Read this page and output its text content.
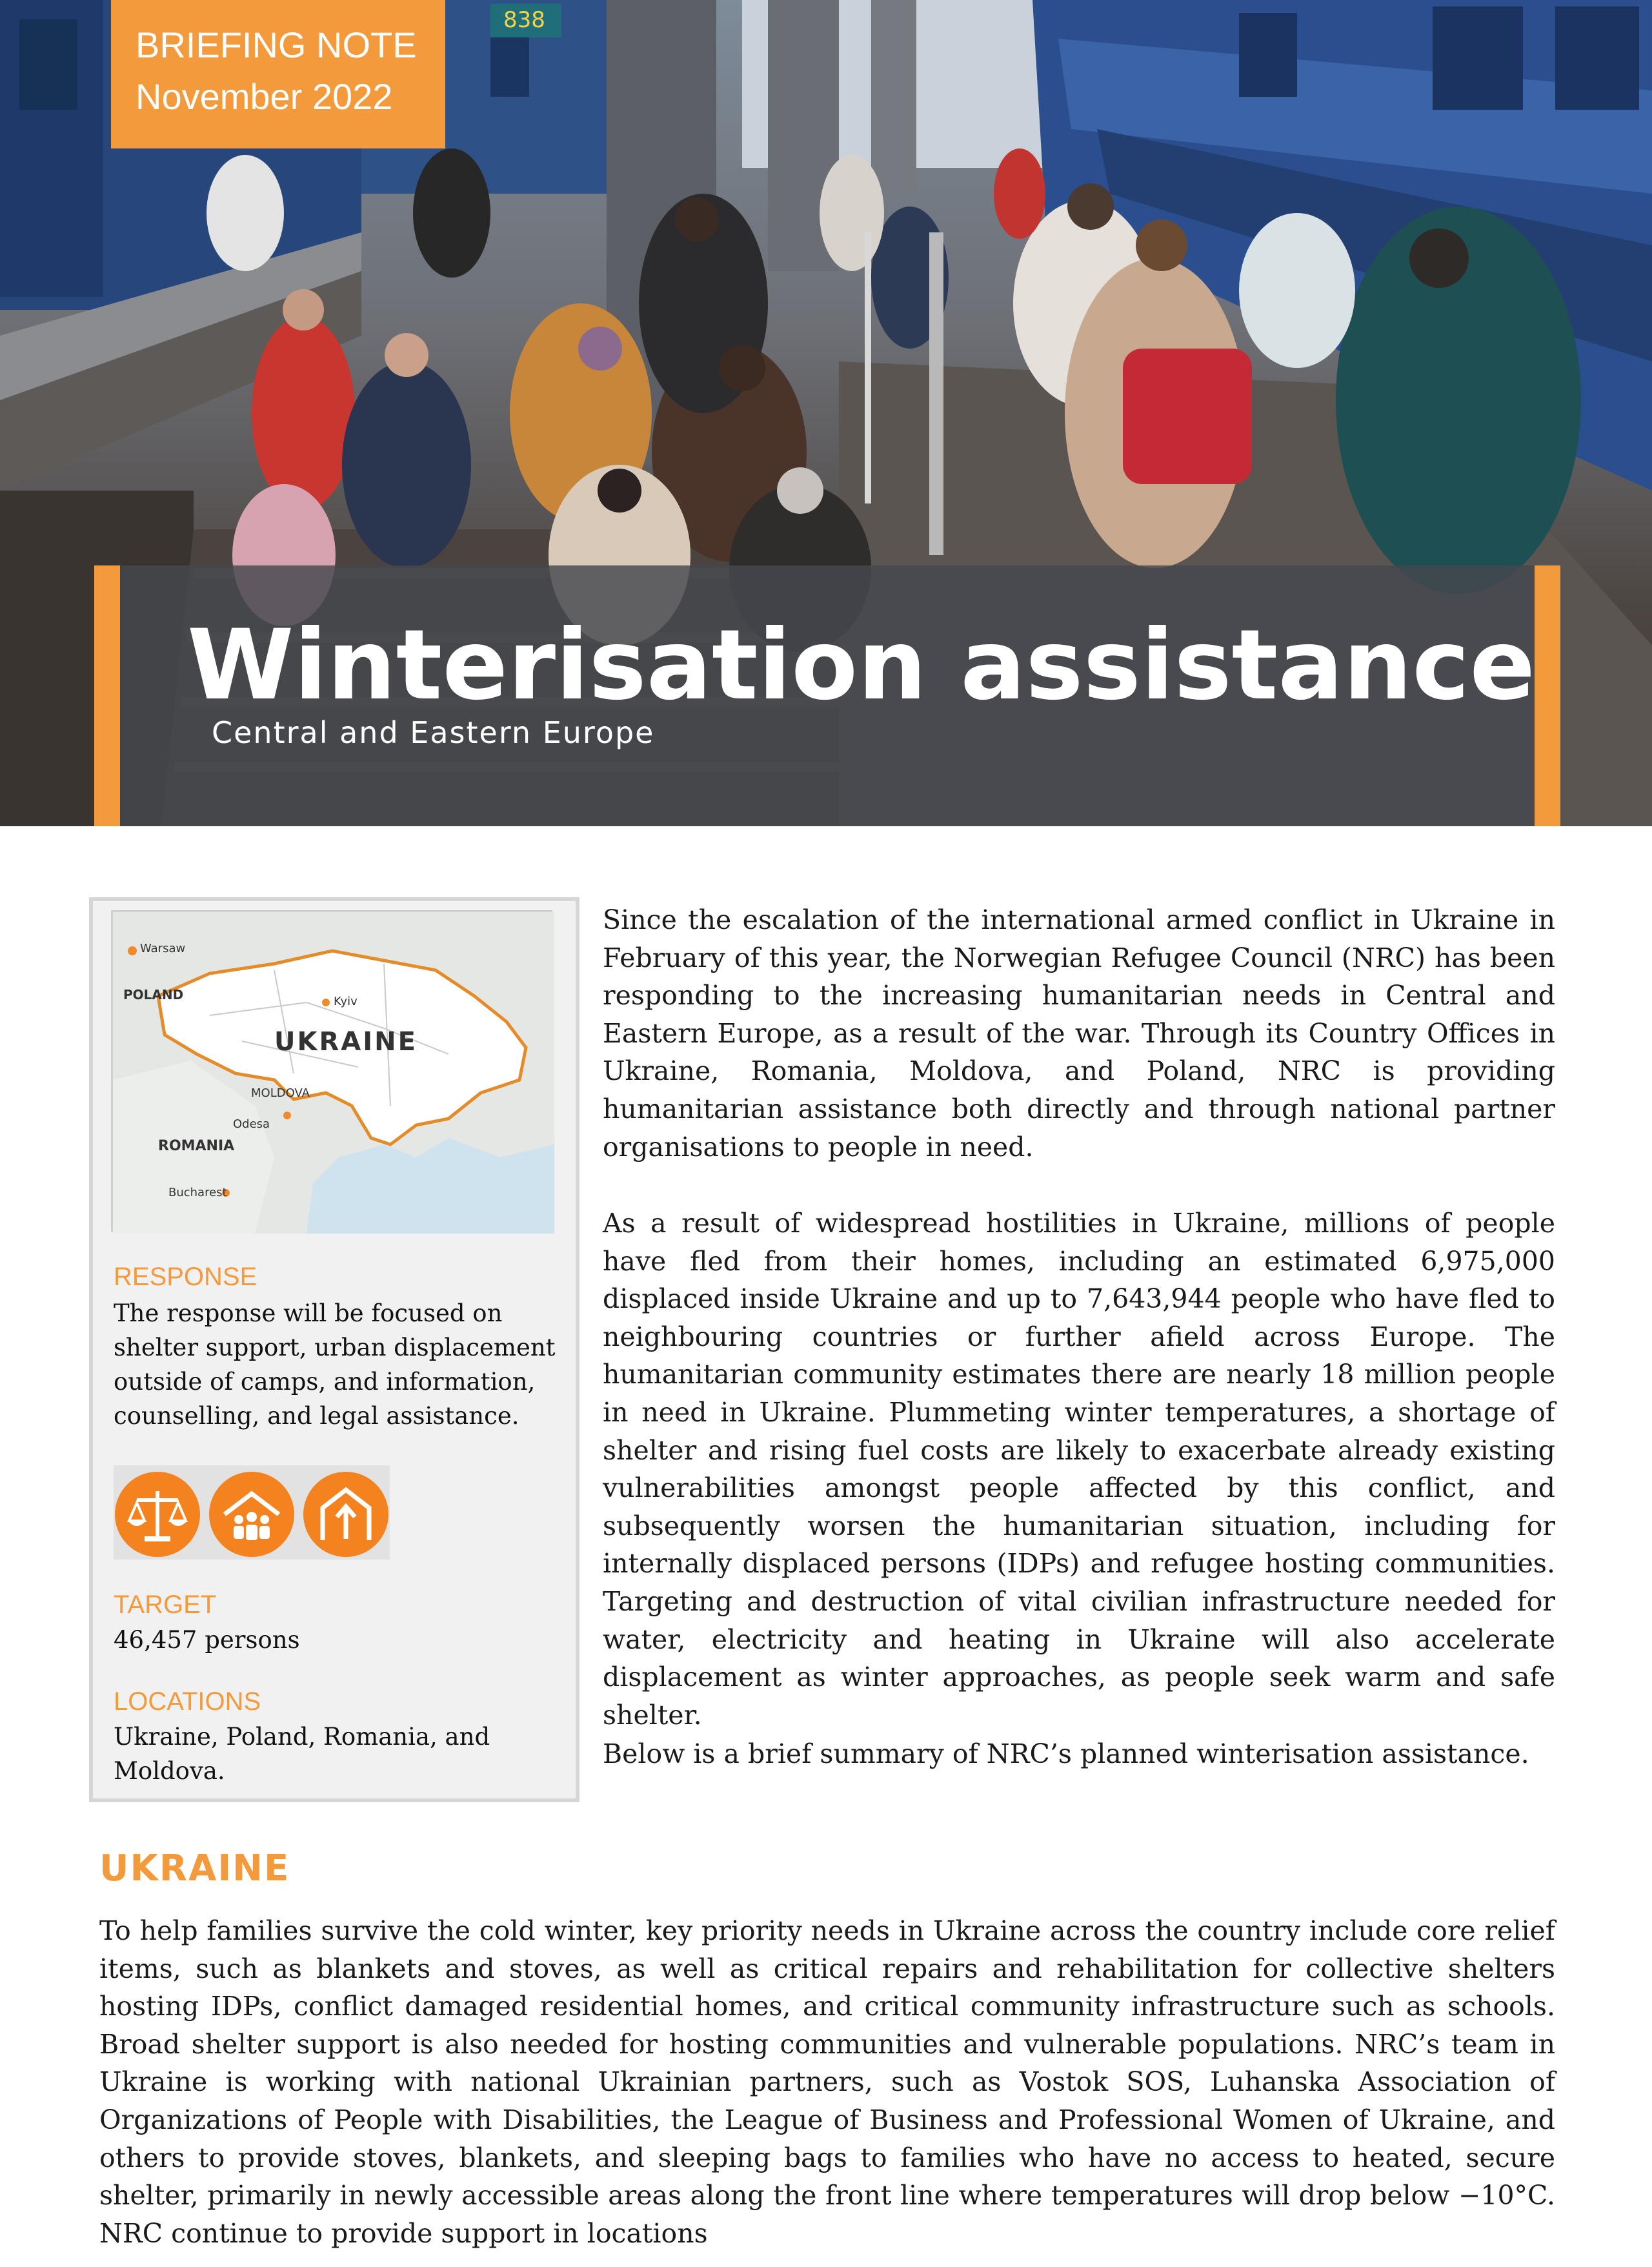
838
BRIEFING NOTE
November 2022
Winterisation assistance
Central and Eastern Europe
Warsaw
POLAND	Kyiv
UKRAINE
MOLDOVA
Odesa
ROMANIA
Bucharest
RESPONSE

The response will be focused on shelter support, urban displacement outside of camps, and information, counselling, and legal assistance.

TARGET

46,457 persons

LOCATIONS

Ukraine, Poland, Romania, and Moldova.

Since the escalation of the international armed conflict in Ukraine in February of this year, the Norwegian Refugee Council (NRC) has been responding to the increasing humanitarian needs in Central and Eastern Europe, as a result of the war. Through its Country Offices in Ukraine, Romania, Moldova, and Poland, NRC is providing humanitarian assistance both directly and through national partner organisations to people in need.

As a result of widespread hostilities in Ukraine, millions of people have fled from their homes, including an estimated 6,975,000 displaced inside Ukraine and up to 7,643,944 people who have fled to neighbouring countries or further afield across Europe. The humanitarian community estimates there are nearly 18 million people in need in Ukraine. Plummeting winter temperatures, a shortage of shelter and rising fuel costs are likely to exacerbate already existing vulnerabilities amongst people affected by this conflict, and subsequently worsen the humanitarian situation, including for internally displaced persons (IDPs) and refugee hosting communities. Targeting and destruction of vital civilian infrastructure needed for water, electricity and heating in Ukraine will also accelerate displacement as winter approaches, as people seek warm and safe shelter.

Below is a brief summary of NRC’s planned winterisation assistance.

UKRAINE

To help families survive the cold winter, key priority needs in Ukraine across the country include core relief items, such as blankets and stoves, as well as critical repairs and rehabilitation for collective shelters hosting IDPs, conflict damaged residential homes, and critical community infrastructure such as schools. Broad shelter support is also needed for hosting communities and vulnerable populations. NRC’s team in Ukraine is working with national Ukrainian partners, such as Vostok SOS, Luhanska Association of Organizations of People with Disabilities, the League of Business and Professional Women of Ukraine, and others to provide stoves, blankets, and sleeping bags to families who have no access to heated, secure shelter, primarily in newly accessible areas along the front line where temperatures will drop below −10°C. NRC continue to provide support in locations
